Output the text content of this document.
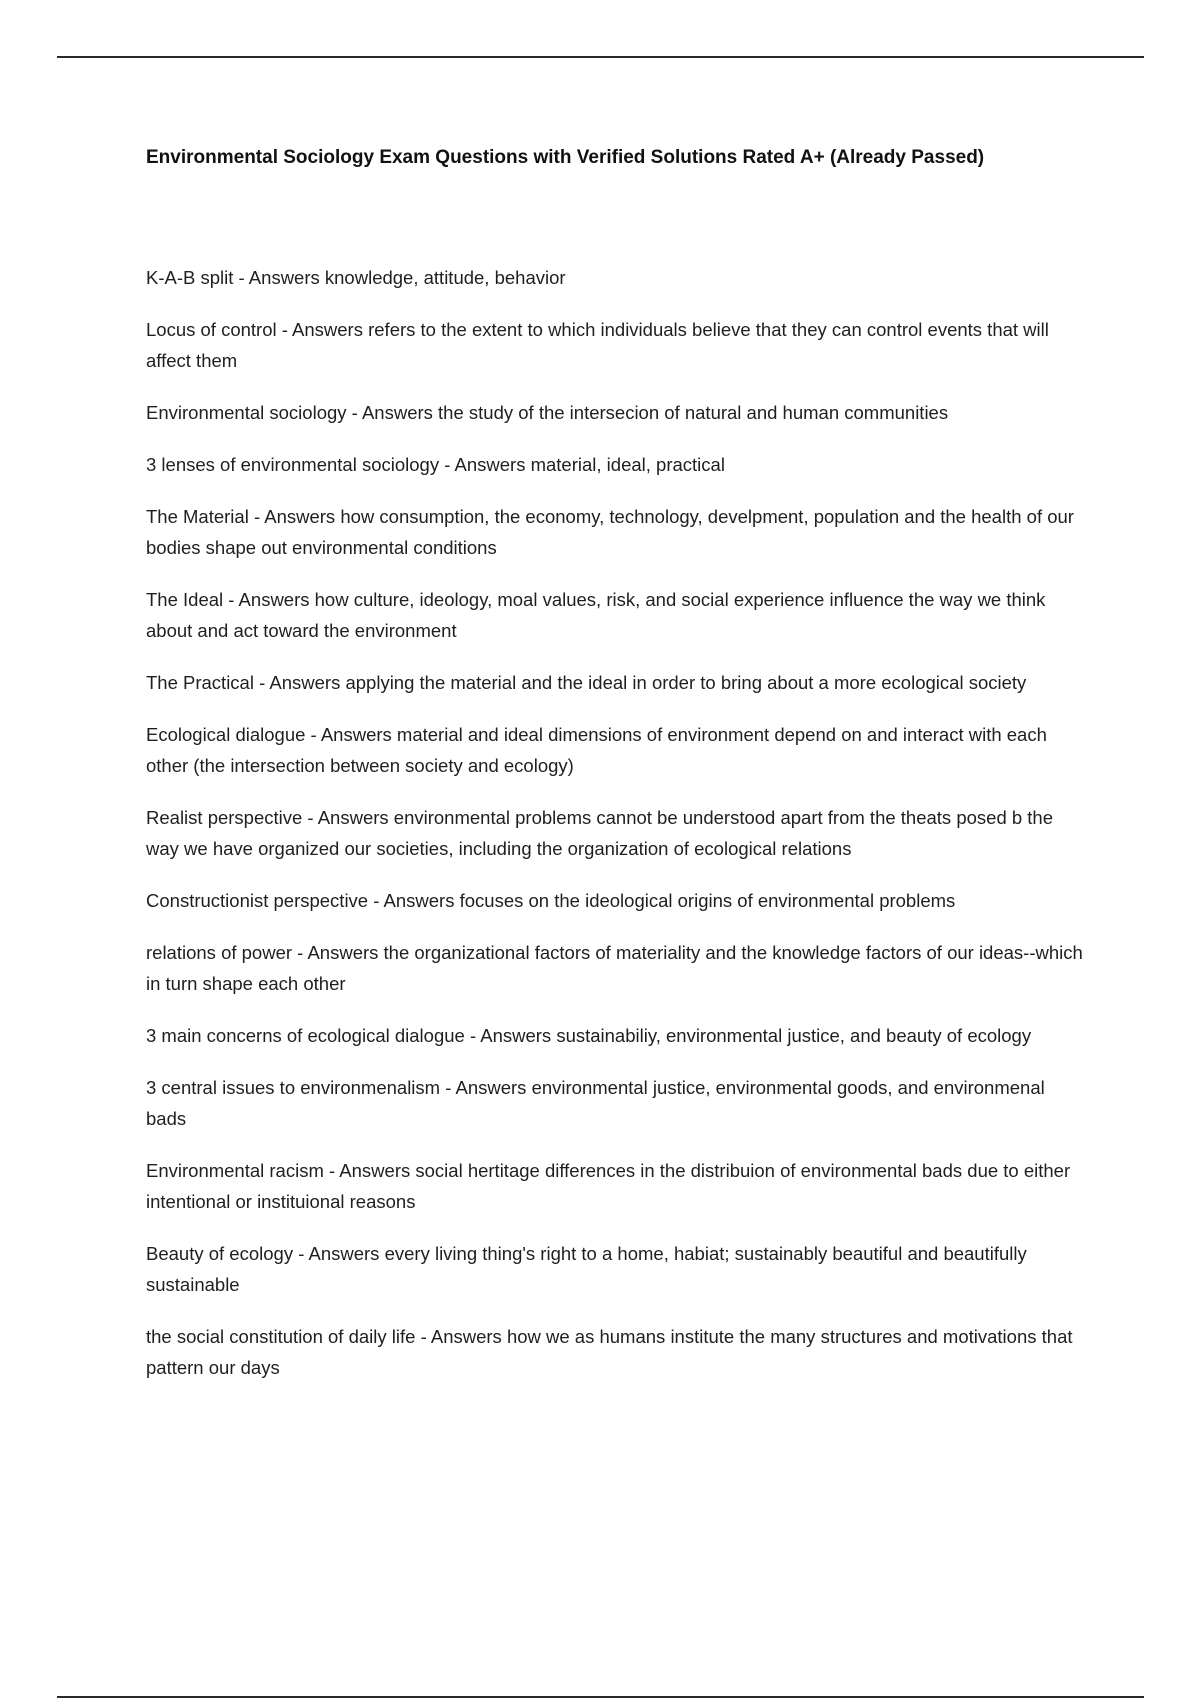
Environmental Sociology Exam Questions with Verified Solutions Rated A+ (Already Passed)
K-A-B split - Answers knowledge, attitude, behavior
Locus of control - Answers refers to the extent to which individuals believe that they can control events that will affect them
Environmental sociology - Answers the study of the intersecion of natural and human communities
3 lenses of environmental sociology - Answers material, ideal, practical
The Material - Answers how consumption, the economy, technology, develpment, population and the health of our bodies shape out environmental conditions
The Ideal - Answers how culture, ideology, moal values, risk, and social experience influence the way we think about and act toward the environment
The Practical - Answers applying the material and the ideal in order to bring about a more ecological society
Ecological dialogue - Answers material and ideal dimensions of environment depend on and interact with each other (the intersection between society and ecology)
Realist perspective - Answers environmental problems cannot be understood apart from the theats posed b the way we have organized our societies, including the organization of ecological relations
Constructionist perspective - Answers focuses on the ideological origins of environmental problems
relations of power - Answers the organizational factors of materiality and the knowledge factors of our ideas--which in turn shape each other
3 main concerns of ecological dialogue - Answers sustainabiliy, environmental justice, and beauty of ecology
3 central issues to environmenalism - Answers environmental justice, environmental goods, and environmenal bads
Environmental racism - Answers social hertitage differences in the distribuion of environmental bads due to either intentional or instituional reasons
Beauty of ecology - Answers every living thing's right to a home, habiat; sustainably beautiful and beautifully sustainable
the social constitution of daily life - Answers how we as humans institute the many structures and motivations that pattern our days
